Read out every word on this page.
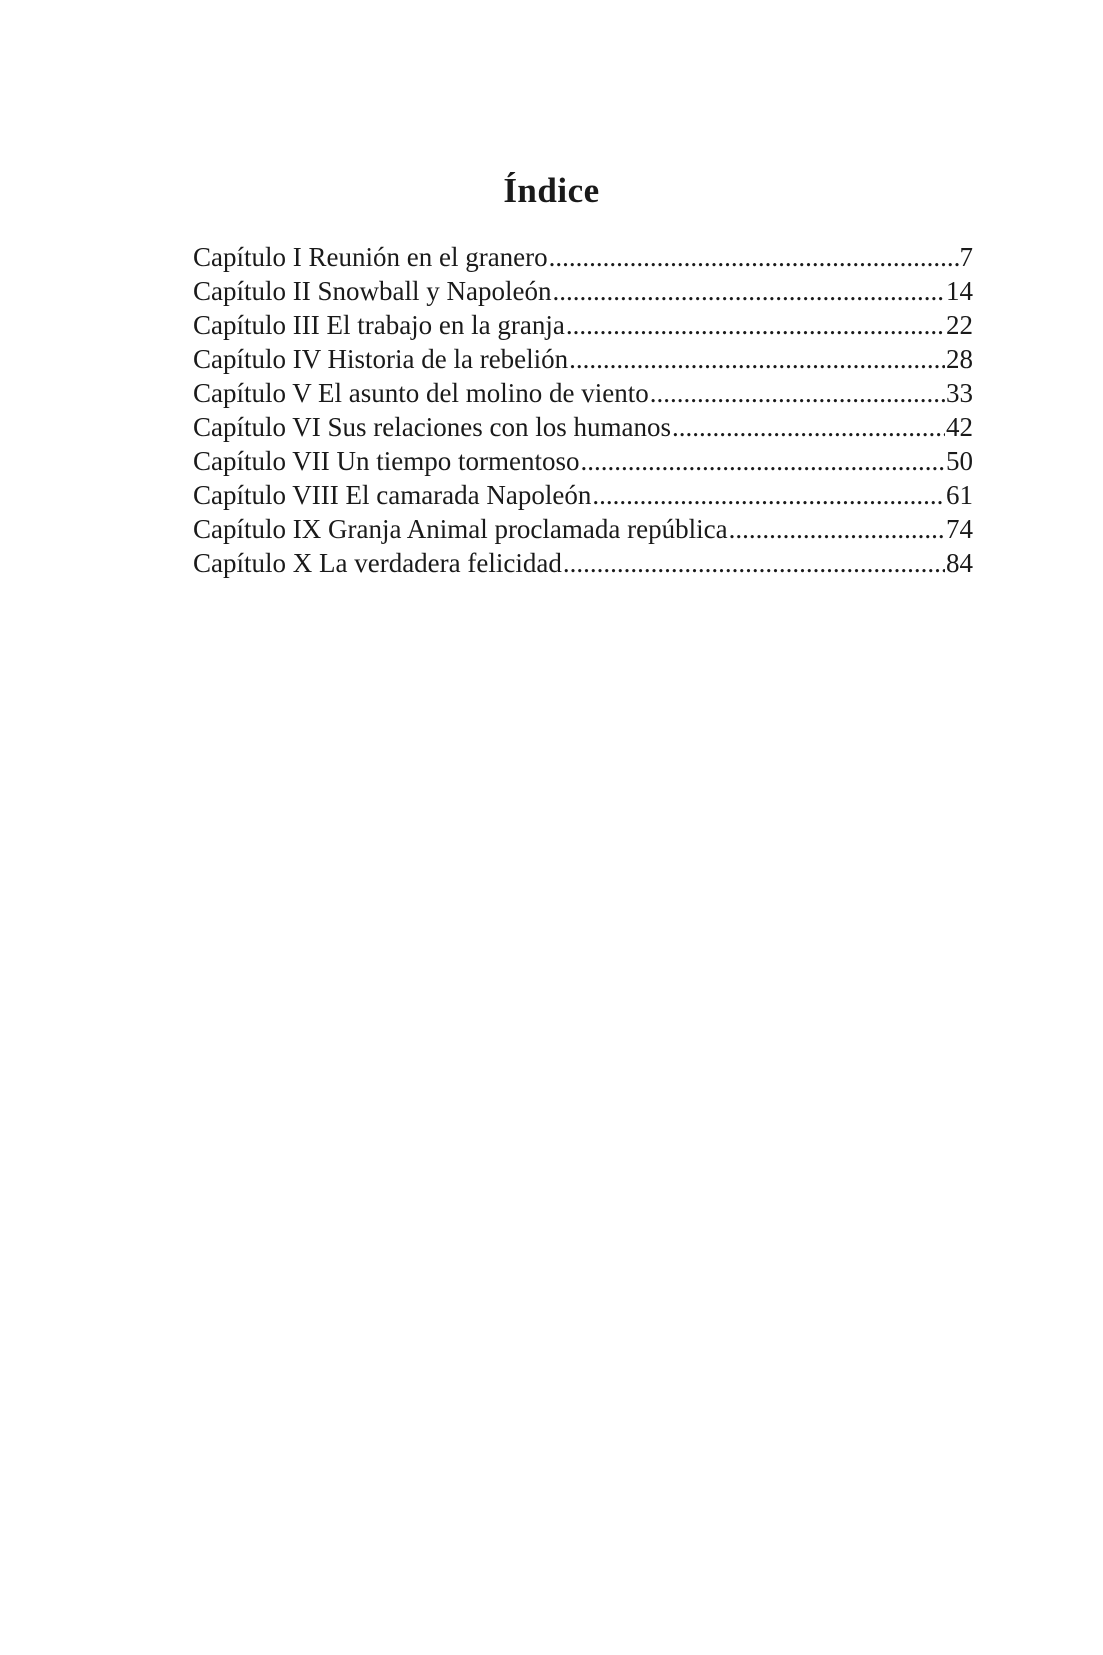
Índice
Capítulo I Reunión en el granero .....	7
Capítulo II Snowball y Napoleón .....	14
Capítulo III El trabajo en la granja .....	22
Capítulo IV Historia de la rebelión .....	28
Capítulo V El asunto del molino de viento .....	33
Capítulo VI Sus relaciones con los humanos .....	42
Capítulo VII Un tiempo tormentoso .....	50
Capítulo VIII El camarada Napoleón .....	61
Capítulo IX Granja Animal proclamada república .....	74
Capítulo X La verdadera felicidad .....	84
